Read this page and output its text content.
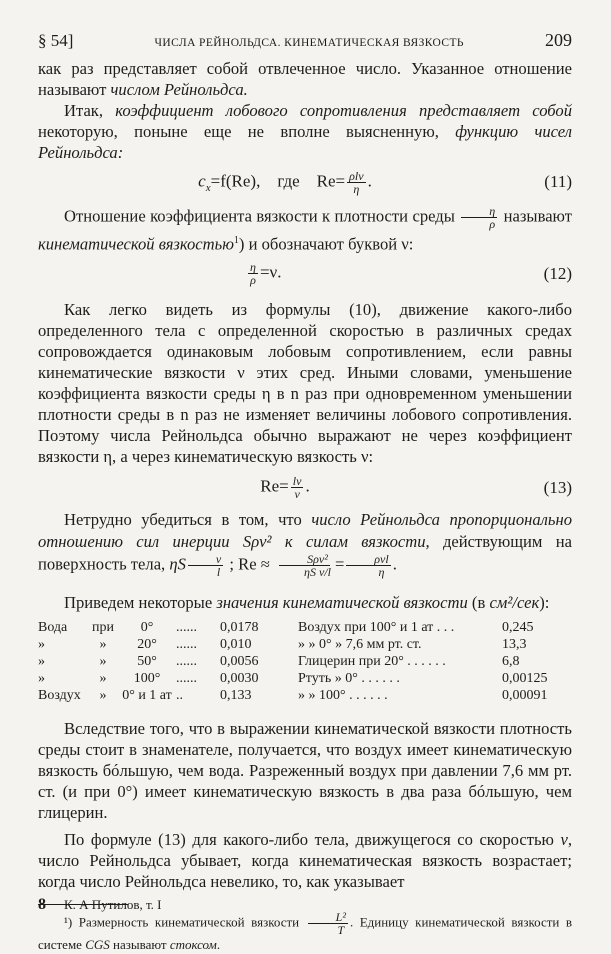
§ 54]	ЧИСЛА РЕЙНОЛЬДСА. КИНЕМАТИЧЕСКАЯ ВЯЗКОСТЬ	209

как раз представляет собой отвлеченное число. Указанное отношение называют числом Рейнольдса.

Итак, коэффициент лобового сопротивления представляет собой некоторую, поныне еще не вполне выясненную, функцию чисел Рейнольдса:

$c_x=f(Re)$, где $Re= \frac{\text{ρlv}}{\eta}$ .	(11)

Отношение коэффициента вязкости к плотности среды $\frac{\eta}{\rho}$ называют кинематической вязкостью$^1$) и обозначают буквой ν:

$\frac{\eta}{\rho} =\nu$.	(12)

Как легко видеть из формулы (10), движение какого-либо определенного тела с определенной скоростью в различных средах сопровождается одинаковым лобовым сопротивлением, если равны кинематические вязкости ν этих сред. Иными словами, уменьшение коэффициента вязкости среды η в n раз при одновременном уменьшении плотности среды в n раз не изменяет величины лобового сопротивления. Поэтому числа Рейнольдса обычно выражают не через коэффициент вязкости η, а через кинематическую вязкость ν:

$Re= \frac{lv}{\nu}$ .	(13)

Нетрудно убедиться в том, что число Рейнольдса пропорционально отношению сил инерции Sρv² к силам вязкости, действующим на поверхность тела, ηS $\frac{v}{l}$ ; $Re \approx \frac{\text{Sρv²}}{\text{ηS v/l}} = \frac{\text{ρvl}}{\eta}$ .

Приведем некоторые значения кинематической вязкости (в см²/сек):

Вода	при	0°	......	0,0178	Воздух при 100° и 1 ат . . .	0,245
»	»	20°	......	0,010	» » 0° » 7,6 мм рт. ст.	13,3
»	»	50°	......	0,0056	Глицерин при 20° . . . . . .	6,8
»	»	100°	......	0,0030	Ртуть » 0° . . . . . .	0,00125
Воздух	»	0° и 1 ат	..	0,133	» » 100° . . . . . .	0,00091

Вследствие того, что в выражении кинематической вязкости плотность среды стоит в знаменателе, получается, что воздух имеет кинематическую вязкость бóльшую, чем вода. Разреженный воздух при давлении 7,6 мм рт. ст. (и при 0°) имеет кинематическую вязкость в два раза бóльшую, чем глицерин.

По формуле (13) для какого-либо тела, движущегося со скоростью v, число Рейнольдса убывает, когда кинематическая вязкость возрастает; когда число Рейнольдса невелико, то, как указывает

¹) Размерность кинематической вязкости $\frac{\text{L²}}{T}$ . Единицу кинематической вязкости в системе CGS называют стоксом.

8 К. А Путилов, т. I
